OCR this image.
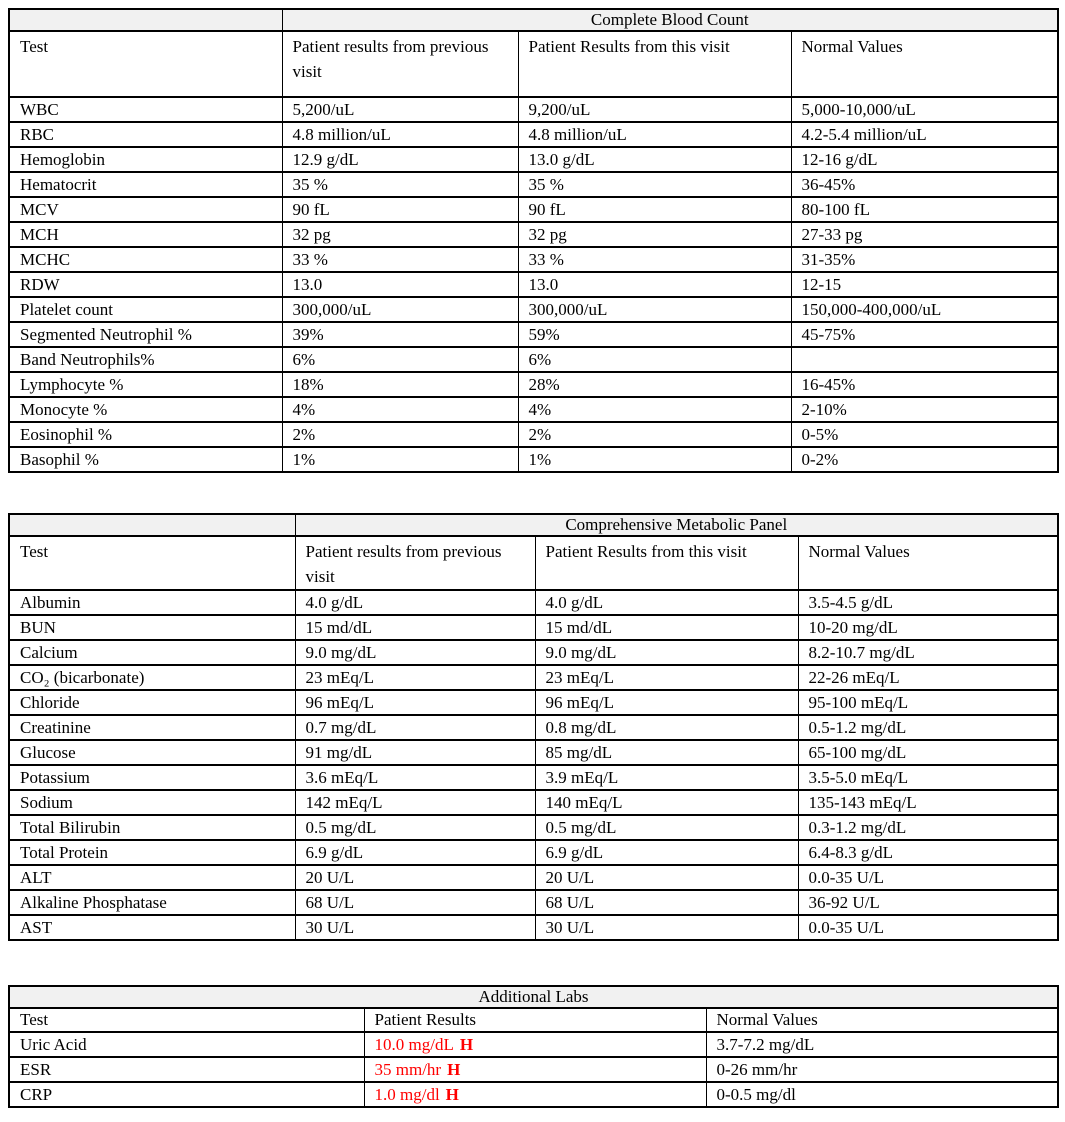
	Complete Blood Count		
Test	Patient results from previous visit	Patient Results from this visit	Normal Values
WBC	5,200/uL	9,200/uL	5,000-10,000/uL
RBC	4.8 million/uL	4.8 million/uL	4.2-5.4 million/uL
Hemoglobin	12.9 g/dL	13.0 g/dL	12-16 g/dL
Hematocrit	35 %	35 %	36-45%
MCV	90 fL	90 fL	80-100 fL
MCH	32 pg	32 pg	27-33 pg
MCHC	33 %	33 %	31-35%
RDW	13.0	13.0	12-15
Platelet count	300,000/uL	300,000/uL	150,000-400,000/uL
Segmented Neutrophil %	39%	59%	45-75%
Band Neutrophils%	6%	6%	
Lymphocyte %	18%	28%	16-45%
Monocyte %	4%	4%	2-10%
Eosinophil %	2%	2%	0-5%
Basophil %	1%	1%	0-2%
	Comprehensive Metabolic Panel		
Test	Patient results from previous visit	Patient Results from this visit	Normal Values
Albumin	4.0 g/dL	4.0 g/dL	3.5-4.5 g/dL
BUN	15 md/dL	15 md/dL	10-20 mg/dL
Calcium	9.0 mg/dL	9.0 mg/dL	8.2-10.7 mg/dL
CO₂ (bicarbonate)	23 mEq/L	23 mEq/L	22-26 mEq/L
Chloride	96 mEq/L	96 mEq/L	95-100 mEq/L
Creatinine	0.7 mg/dL	0.8 mg/dL	0.5-1.2 mg/dL
Glucose	91 mg/dL	85 mg/dL	65-100 mg/dL
Potassium	3.6 mEq/L	3.9 mEq/L	3.5-5.0 mEq/L
Sodium	142 mEq/L	140 mEq/L	135-143 mEq/L
Total Bilirubin	0.5 mg/dL	0.5 mg/dL	0.3-1.2 mg/dL
Total Protein	6.9 g/dL	6.9 g/dL	6.4-8.3 g/dL
ALT	20 U/L	20 U/L	0.0-35 U/L
Alkaline Phosphatase	68 U/L	68 U/L	36-92 U/L
AST	30 U/L	30 U/L	0.0-35 U/L
Additional Labs		
Test	Patient Results	Normal Values
Uric Acid	10.0 mg/dL H	3.7-7.2 mg/dL
ESR	35 mm/hr H	0-26 mm/hr
CRP	1.0 mg/dl H	0-0.5 mg/dl
